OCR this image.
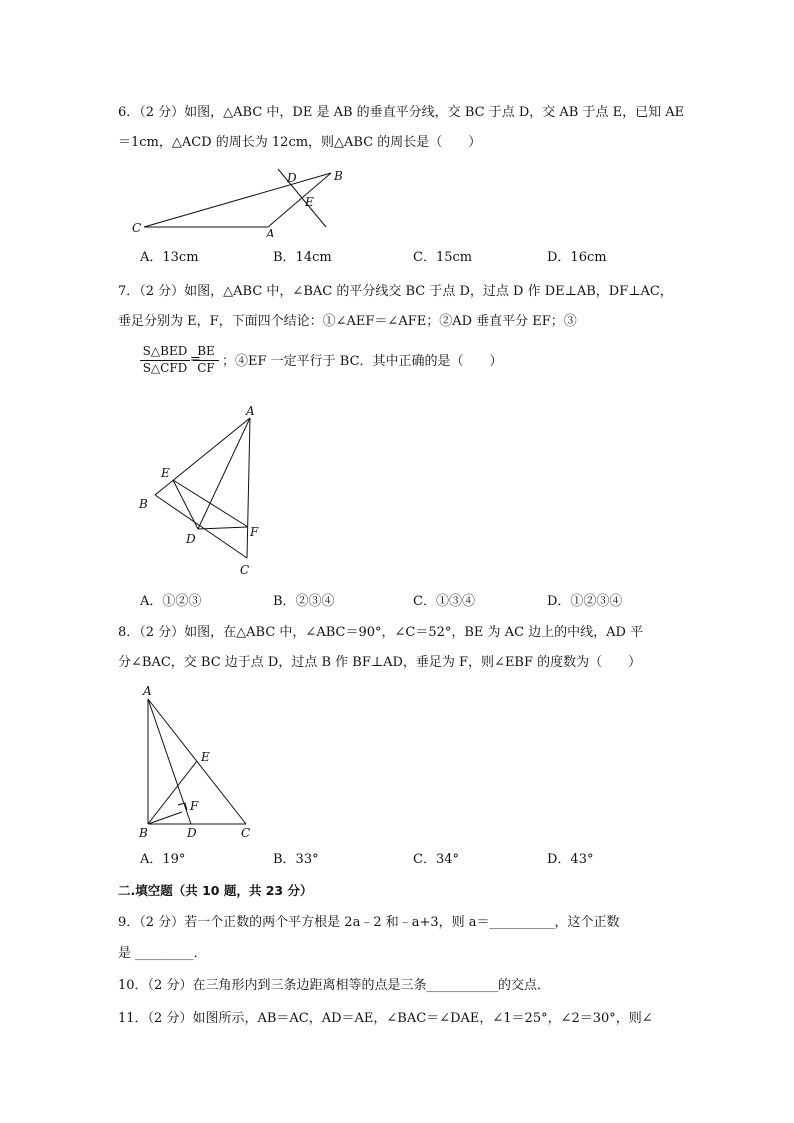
6．（2 分）如图，△ABC 中，DE 是 AB 的垂直平分线，交 BC 于点 D，交 AB 于点 E，已知 AE
＝1cm，△ACD 的周长为 12cm，则△ABC 的周长是（　　）
C	A
D	B
E
A．13cm	B．14cm	C．15cm	D．16cm
7．（2 分）如图，△ABC 中，∠BAC 的平分线交 BC 于点 D，过点 D 作 DE⊥AB，DF⊥AC，
垂足分别为 E，F，下面四个结论：①∠AEF＝∠AFE；②AD 垂直平分 EF；③
S△BED
S△CFD
=
$\frac{BE}{CF}$ ；④EF 一定平行于 BC．其中正确的是（　　）
A
E
B
D	F
C
A．①②③	B．②③④	C．①③④	D．①②③④
8．（2 分）如图，在△ABC 中，∠ABC＝90°，∠C＝52°，BE 为 AC 边上的中线，AD 平
分∠BAC，交 BC 边于点 D，过点 B 作 BF⊥AD，垂足为 F，则∠EBF 的度数为（　　）
A
E
F
B	D	C
A．19°	B．33°	C．34°	D．43°
二.填空题（共 10 题，共 23 分）
9．（2 分）若一个正数的两个平方根是 2a﹣2 和﹣a+3，则 a＝__________，这个正数
是 _________．
10．（2 分）在三角形内到三条边距离相等的点是三条___________的交点．
11．（2 分）如图所示，AB＝AC，AD＝AE，∠BAC＝∠DAE，∠1＝25°，∠2＝30°，则∠
